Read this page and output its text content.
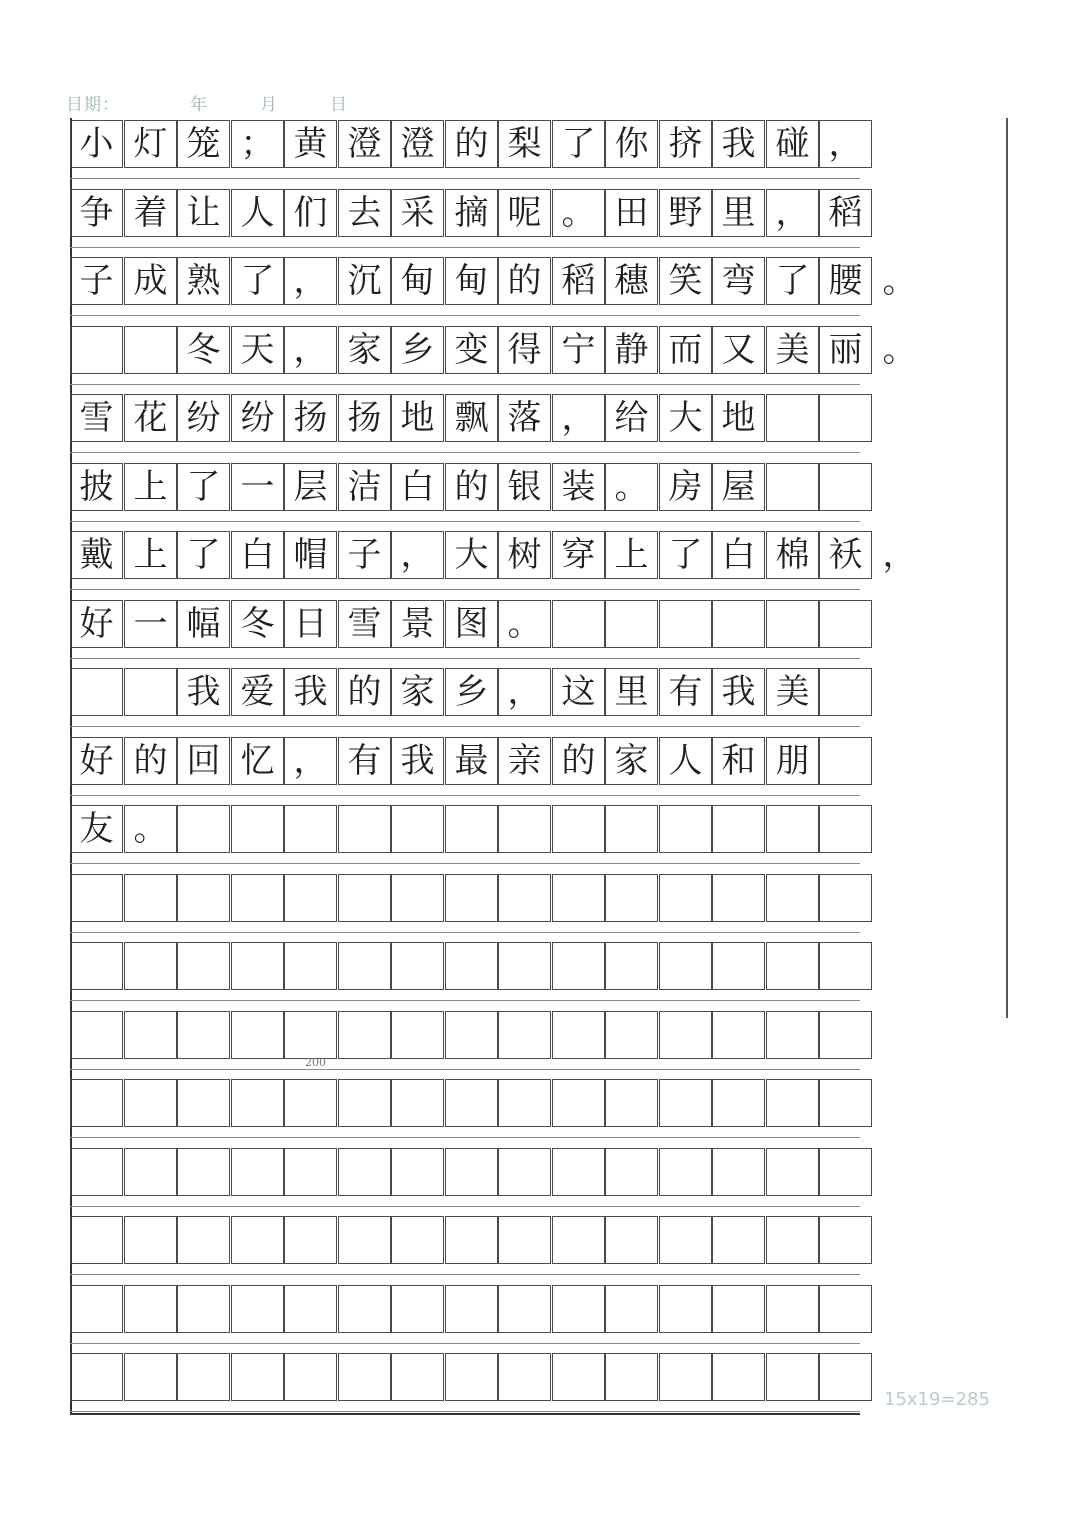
日期：	年	月	日
小 灯 笼 ； 黄 澄 澄 的 梨 了 你 挤 我 碰 ，
争 着 让 人 们 去 采 摘 呢 。 田 野 里 ， 稻
子 成 熟 了 ， 沉 甸 甸 的 稻 穗 笑 弯 了 腰 。
冬 天 ， 家 乡 变 得 宁 静 而 又 美 丽 。
雪 花 纷 纷 扬 扬 地 飘 落 ， 给 大 地
披 上 了 一 层 洁 白 的 银 装 。 房 屋
戴 上 了 白 帽 子 ， 大 树 穿 上 了 白 棉 袄 ，
好 一 幅 冬 日 雪 景 图 。
我 爱 我 的 家 乡 ， 这 里 有 我 美
好 的 回 忆 ， 有 我 最 亲 的 家 人 和 朋
友 。
200
15x19=285
